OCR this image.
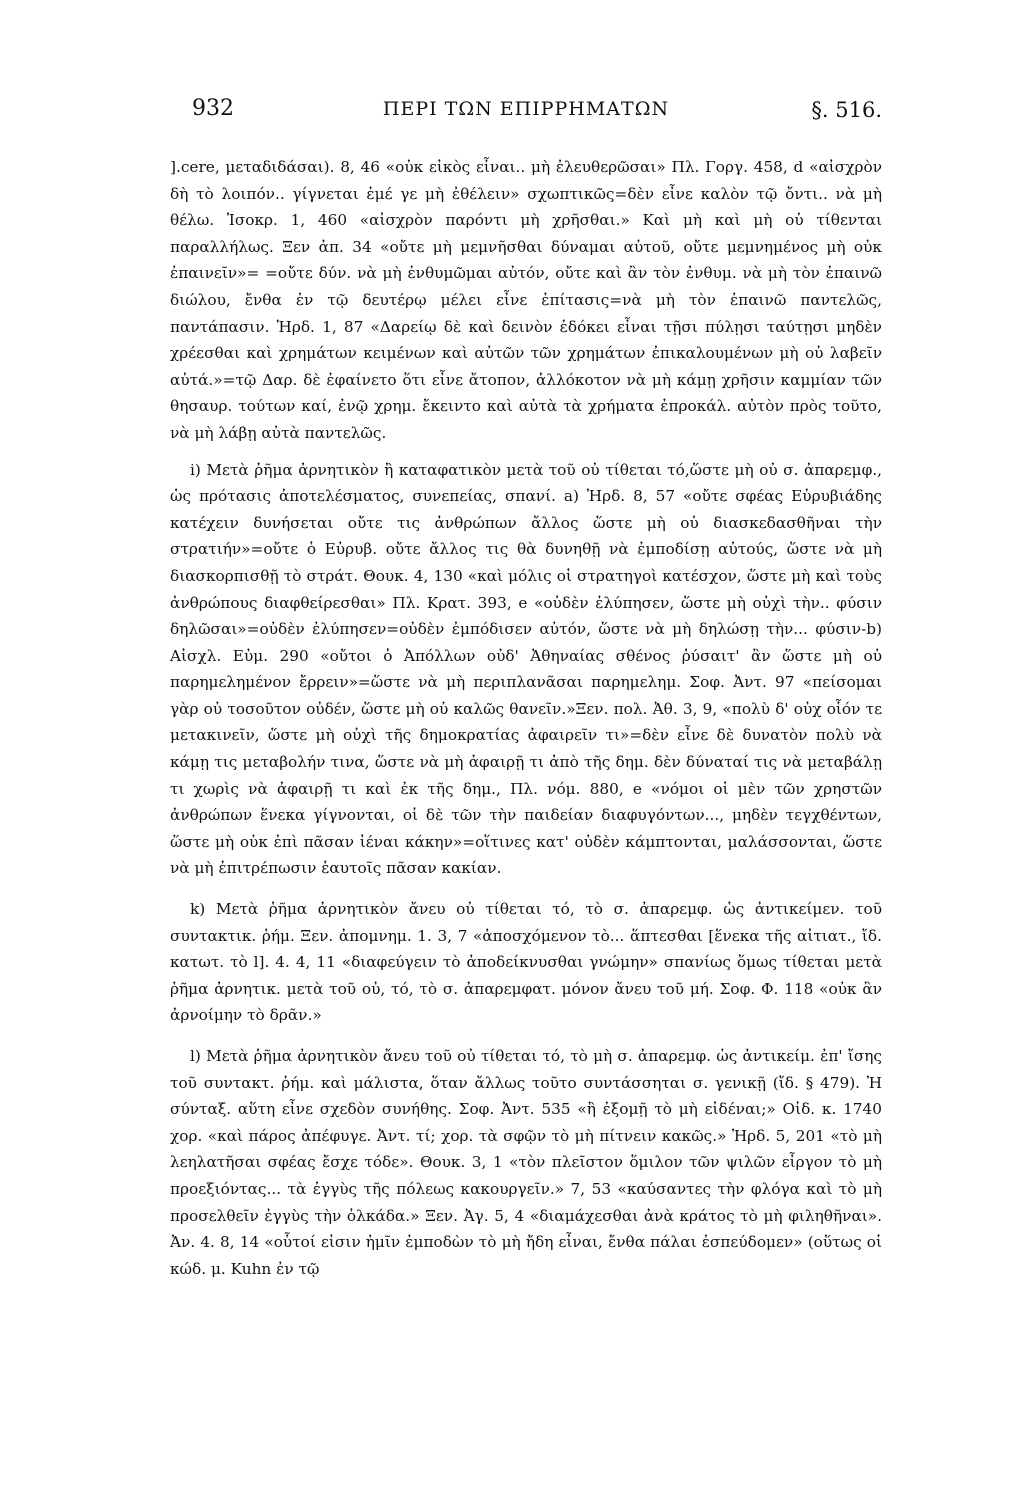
932	ΠΕΡΙ ΤΩΝ ΕΠΙΡΡΗΜΑΤΩΝ	§. 516.

].cere, μεταδιδάσαι). 8, 46 «οὐκ εἰκὸς εἶναι.. μὴ ἐλευθερῶσαι» Πλ. Γοργ. 458, d «αἰσχρὸν δὴ τὸ λοιπόν.. γίγνεται ἐμέ γε μὴ ἐθέλειν» σχωπτικῶς=δὲν εἶνε καλὸν τῷ ὄντι.. νὰ μὴ θέλω. Ἰσοκρ. 1, 460 «αἰσχρὸν παρόντι μὴ χρῆσθαι.» Καὶ μὴ καὶ μὴ οὐ τίθενται παραλλήλως. Ξεν ἀπ. 34 «οὔτε μὴ μεμνῆσθαι δύναμαι αὐτοῦ, οὔτε μεμνημένος μὴ οὐκ ἐπαινεῖν»= =οὔτε δύν. νὰ μὴ ἐνθυμῶμαι αὐτόν, οὔτε καὶ ἂν τὸν ἐνθυμ. νὰ μὴ τὸν ἐπαινῶ διώλου, ἔνθα ἐν τῷ δευτέρῳ μέλει εἶνε ἐπίτασις=νὰ μὴ τὸν ἐπαινῶ παντελῶς, παντάπασιν. Ἡρδ. 1, 87 «Δαρείῳ δὲ καὶ δεινὸν ἐδόκει εἶναι τῇσι πύλῃσι ταύτῃσι μηδὲν χρέεσθαι καὶ χρημάτων κειμένων καὶ αὐτῶν τῶν χρημάτων ἐπικαλουμένων μὴ οὐ λαβεῖν αὐτά.»=τῷ Δαρ. δὲ ἐφαίνετο ὅτι εἶνε ἄτοπον, ἀλλόκοτον νὰ μὴ κάμῃ χρῆσιν καμμίαν τῶν θησαυρ. τούτων καί, ἐνῷ χρημ. ἔκειντο καὶ αὐτὰ τὰ χρήματα ἐπροκάλ. αὐτὸν πρὸς τοῦτο, νὰ μὴ λάβῃ αὐτὰ παντελῶς.

i) Μετὰ ῥῆμα ἀρνητικὸν ἢ καταφατικὸν μετὰ τοῦ οὐ τίθεται τό,ὥστε μὴ οὐ σ. ἀπαρεμφ., ὡς πρότασις ἀποτελέσματος, συνεπείας, σπανί. a) Ἡρδ. 8, 57 «οὔτε σφέας Εὐρυβιάδης κατέχειν δυνήσεται οὔτε τις ἀνθρώπων ἄλλος ὥστε μὴ οὐ διασκεδασθῆναι τὴν στρατιήν»=οὔτε ὁ Εὐρυβ. οὔτε ἄλλος τις θὰ δυνηθῇ νὰ ἐμποδίσῃ αὐτούς, ὥστε νὰ μὴ διασκορπισθῇ τὸ στράτ. Θουκ. 4, 130 «καὶ μόλις οἱ στρατηγοὶ κατέσχον, ὥστε μὴ καὶ τοὺς ἀνθρώπους διαφθείρεσθαι» Πλ. Κρατ. 393, e «οὐδὲν ἐλύπησεν, ὥστε μὴ οὐχὶ τὴν.. φύσιν δηλῶσαι»=οὐδὲν ἐλύπησεν=οὐδὲν ἐμπόδισεν αὐτόν, ὥστε νὰ μὴ δηλώσῃ τὴν... φύσιν-b) Αἰσχλ. Εὐμ. 290 «οὔτοι ὁ Ἀπόλλων οὐδ' Ἀθηναίας σθένος ῥύσαιτ' ἂν ὥστε μὴ οὐ παρημελημένον ἔρρειν»=ὥστε νὰ μὴ περιπλανᾶσαι παρημελημ. Σοφ. Ἀντ. 97 «πείσομαι γὰρ οὐ τοσοῦτον οὐδέν, ὥστε μὴ οὐ καλῶς θανεῖν.»Ξεν. πολ. Ἀθ. 3, 9, «πολὺ δ' οὐχ οἷόν τε μετακινεῖν, ὥστε μὴ οὐχὶ τῆς δημοκρατίας ἀφαιρεῖν τι»=δὲν εἶνε δὲ δυνατὸν πολὺ νὰ κάμῃ τις μεταβολήν τινα, ὥστε νὰ μὴ ἀφαιρῇ τι ἀπὸ τῆς δημ. δὲν δύναταί τις νὰ μεταβάλῃ τι χωρὶς νὰ ἀφαιρῇ τι καὶ ἐκ τῆς δημ., Πλ. νόμ. 880, e «νόμοι οἱ μὲν τῶν χρηστῶν ἀνθρώπων ἕνεκα γίγνονται, οἱ δὲ τῶν τὴν παιδείαν διαφυγόντων..., μηδὲν τεγχθέντων, ὥστε μὴ οὐκ ἐπὶ πᾶσαν ἰέναι κάκην»=οἵτινες κατ' οὐδὲν κάμπτονται, μαλάσσονται, ὥστε νὰ μὴ ἐπιτρέπωσιν ἑαυτοῖς πᾶσαν κακίαν.

k) Μετὰ ῥῆμα ἀρνητικὸν ἄνευ οὐ τίθεται τό, τὸ σ. ἀπαρεμφ. ὡς ἀντικείμεν. τοῦ συντακτικ. ῥήμ. Ξεν. ἀπομνημ. 1. 3, 7 «ἀποσχόμενον τὸ... ἅπτεσθαι [ἕνεκα τῆς αἰτιατ., ἴδ. κατωτ. τὸ l]. 4. 4, 11 «διαφεύγειν τὸ ἀποδείκνυσθαι γνώμην» σπανίως ὅμως τίθεται μετὰ ῥῆμα ἀρνητικ. μετὰ τοῦ οὐ, τό, τὸ σ. ἀπαρεμφατ. μόνον ἄνευ τοῦ μή. Σοφ. Φ. 118 «οὐκ ἂν ἀρνοίμην τὸ δρᾶν.»

l) Μετὰ ῥῆμα ἀρνητικὸν ἄνευ τοῦ οὐ τίθεται τό, τὸ μὴ σ. ἀπαρεμφ. ὡς ἀντικείμ. ἐπ' ἴσης τοῦ συντακτ. ῥήμ. καὶ μάλιστα, ὅταν ἄλλως τοῦτο συντάσσηται σ. γενικῇ (ἴδ. § 479). Ἡ σύνταξ. αὕτη εἶνε σχεδὸν συνήθης. Σοφ. Ἀντ. 535 «ἢ ἐξομῇ τὸ μὴ εἰδέναι;» Οἰδ. κ. 1740 χορ. «καὶ πάρος ἀπέφυγε. Ἀντ. τί; χορ. τὰ σφῷν τὸ μὴ πίτνειν κακῶς.» Ἡρδ. 5, 201 «τὸ μὴ λεηλατῆσαι σφέας ἔσχε τόδε». Θουκ. 3, 1 «τὸν πλεῖστον ὅμιλον τῶν ψιλῶν εἶργον τὸ μὴ προεξιόντας... τὰ ἐγγὺς τῆς πόλεως κακουργεῖν.» 7, 53 «καύσαντες τὴν φλόγα καὶ τὸ μὴ προσελθεῖν ἐγγὺς τὴν ὁλκάδα.» Ξεν. Ἀγ. 5, 4 «διαμάχεσθαι ἀνὰ κράτος τὸ μὴ φιληθῆναι». Ἀν. 4. 8, 14 «οὗτοί εἰσιν ἡμῖν ἐμποδὼν τὸ μὴ ἤδη εἶναι, ἔνθα πάλαι ἐσπεύδομεν» (οὕτως οἱ κώδ. μ. Kuhn ἐν τῷ
